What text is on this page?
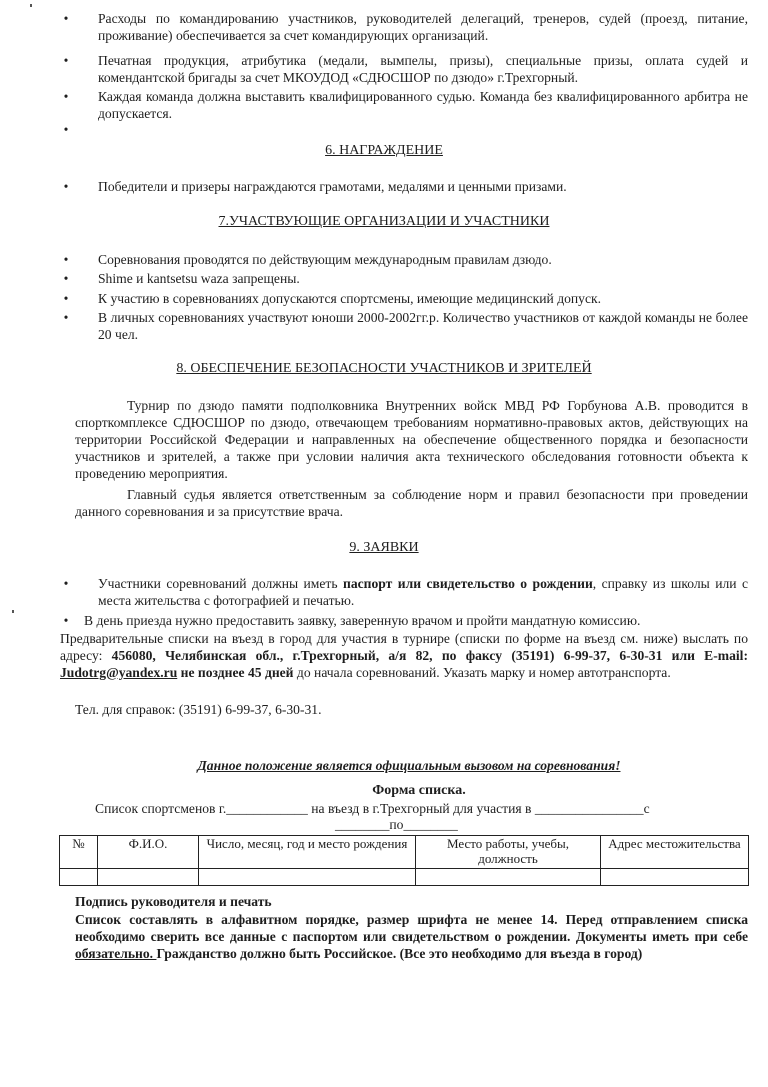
• Расходы по командированию участников, руководителей делегаций, тренеров, судей (проезд, питание, проживание) обеспечивается за счет командирующих организаций.
• Печатная продукция, атрибутика (медали, вымпелы, призы), специальные призы, оплата судей и комендантской бригады за счет МКОУДОД «СДЮСШОР по дзюдо» г.Трехгорный.
• Каждая команда должна выставить квалифицированного судью. Команда без квалифицированного арбитра не допускается.
•
6. НАГРАЖДЕНИЕ
• Победители и призеры награждаются грамотами, медалями и ценными призами.
7.УЧАСТВУЮЩИЕ ОРГАНИЗАЦИИ И УЧАСТНИКИ
• Соревнования проводятся по действующим международным правилам дзюдо.
• Shime и kantsetsu waza запрещены.
• К участию в соревнованиях допускаются спортсмены, имеющие медицинский допуск.
• В личных соревнованиях участвуют юноши 2000-2002гг.р. Количество участников от каждой команды не более 20 чел.
8. ОБЕСПЕЧЕНИЕ БЕЗОПАСНОСТИ УЧАСТНИКОВ И ЗРИТЕЛЕЙ
Турнир по дзюдо памяти подполковника Внутренних войск МВД РФ Горбунова А.В. проводится в спорткомплексе СДЮСШОР по дзюдо, отвечающем требованиям нормативно-правовых актов, действующих на территории Российской Федерации и направленных на обеспечение общественного порядка и безопасности участников и зрителей, а также при условии наличия акта технического обследования готовности объекта к проведению мероприятия.
Главный судья является ответственным за соблюдение норм и правил безопасности при проведении данного соревнования и за присутствие врача.
9. ЗАЯВКИ
• Участники соревнований должны иметь паспорт или свидетельство о рождении, справку из школы или с места жительства с фотографией и печатью.
• В день приезда нужно предоставить заявку, заверенную врачом и пройти мандатную комиссию.
Предварительные списки на въезд в город для участия в турнире (списки по форме на въезд см. ниже) выслать по адресу: 456080, Челябинская обл., г.Трехгорный, а/я 82, по факсу (35191) 6-99-37, 6-30-31 или E-mail: Judotrg@yandex.ru не позднее 45 дней до начала соревнований. Указать марку и номер автотранспорта.
Тел. для справок: (35191) 6-99-37, 6-30-31.
Данное положение является официальным вызовом на соревнования!
Форма списка.
Список спортсменов г.____________ на въезд в г.Трехгорный для участия в ________________с
________по________
№	Ф.И.О.	Число, месяц, год и место рождения	Место работы, учебы, должность	Адрес местожительства

Подпись руководителя и печать
Список составлять в алфавитном порядке, размер шрифта не менее 14. Перед отправлением списка необходимо сверить все данные с паспортом или свидетельством о рождении. Документы иметь при себе обязательно. Гражданство должно быть Российское. (Все это необходимо для въезда в город)
